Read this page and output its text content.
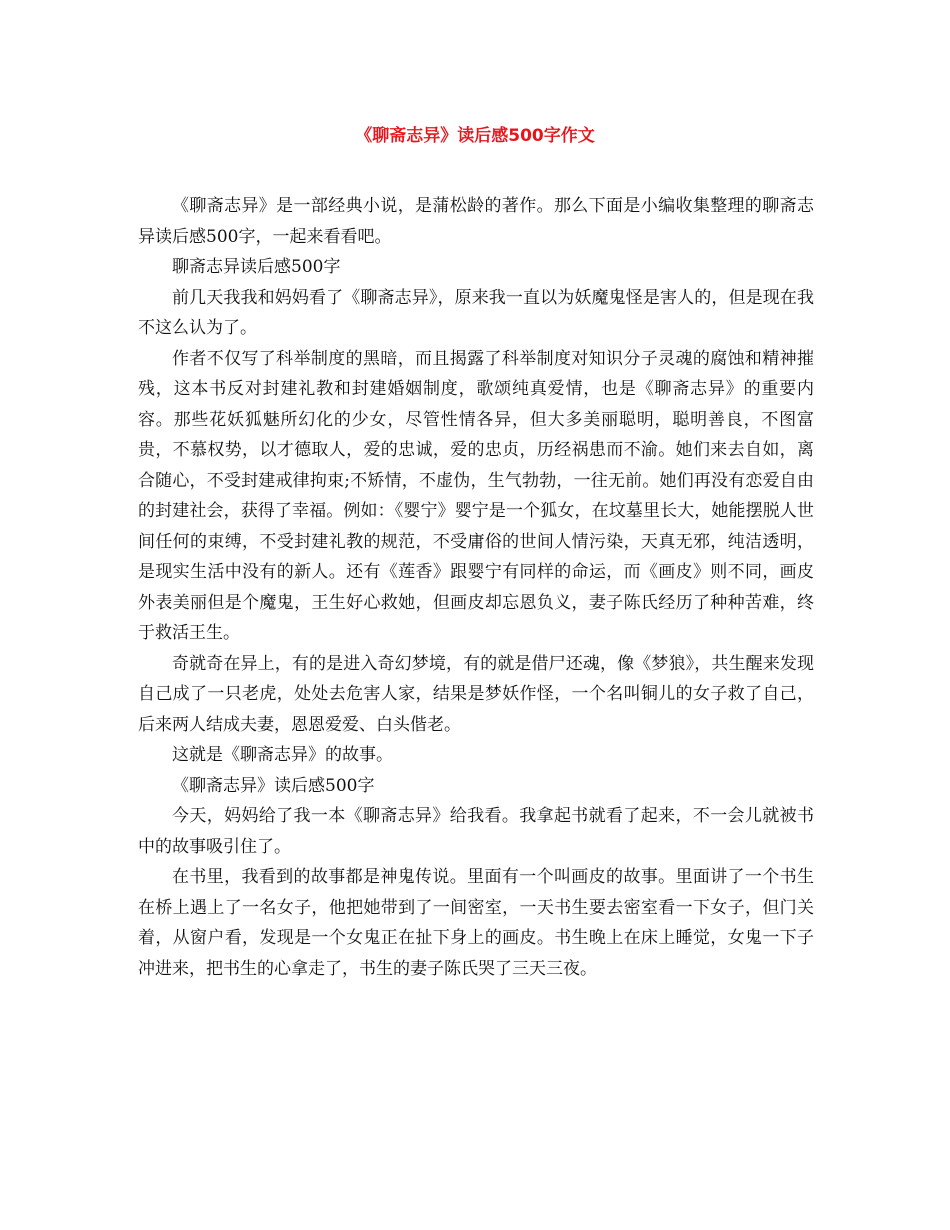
《聊斋志异》读后感500字作文

《聊斋志异》是一部经典小说，是蒲松龄的著作。那么下面是小编收集整理的聊斋志异读后感500字，一起来看看吧。

聊斋志异读后感500字

前几天我我和妈妈看了《聊斋志异》，原来我一直以为妖魔鬼怪是害人的，但是现在我不这么认为了。

作者不仅写了科举制度的黑暗，而且揭露了科举制度对知识分子灵魂的腐蚀和精神摧残，这本书反对封建礼教和封建婚姻制度，歌颂纯真爱情，也是《聊斋志异》的重要内容。那些花妖狐魅所幻化的少女，尽管性情各异，但大多美丽聪明，聪明善良，不图富贵，不慕权势，以才德取人，爱的忠诚，爱的忠贞，历经祸患而不渝。她们来去自如，离合随心，不受封建戒律拘束;不矫情，不虚伪，生气勃勃，一往无前。她们再没有恋爱自由的封建社会，获得了幸福。例如：《婴宁》婴宁是一个狐女，在坟墓里长大，她能摆脱人世间任何的束缚，不受封建礼教的规范，不受庸俗的世间人情污染，天真无邪，纯洁透明，是现实生活中没有的新人。还有《莲香》跟婴宁有同样的命运，而《画皮》则不同，画皮外表美丽但是个魔鬼，王生好心救她，但画皮却忘恩负义，妻子陈氏经历了种种苦难，终于救活王生。

奇就奇在异上，有的是进入奇幻梦境，有的就是借尸还魂，像《梦狼》，共生醒来发现自己成了一只老虎，处处去危害人家，结果是梦妖作怪，一个名叫铜儿的女子救了自己，后来两人结成夫妻，恩恩爱爱、白头偕老。

这就是《聊斋志异》的故事。

《聊斋志异》读后感500字

今天，妈妈给了我一本《聊斋志异》给我看。我拿起书就看了起来，不一会儿就被书中的故事吸引住了。

在书里，我看到的故事都是神鬼传说。里面有一个叫画皮的故事。里面讲了一个书生在桥上遇上了一名女子，他把她带到了一间密室，一天书生要去密室看一下女子，但门关着，从窗户看，发现是一个女鬼正在扯下身上的画皮。书生晚上在床上睡觉，女鬼一下子冲进来，把书生的心拿走了，书生的妻子陈氏哭了三天三夜。
